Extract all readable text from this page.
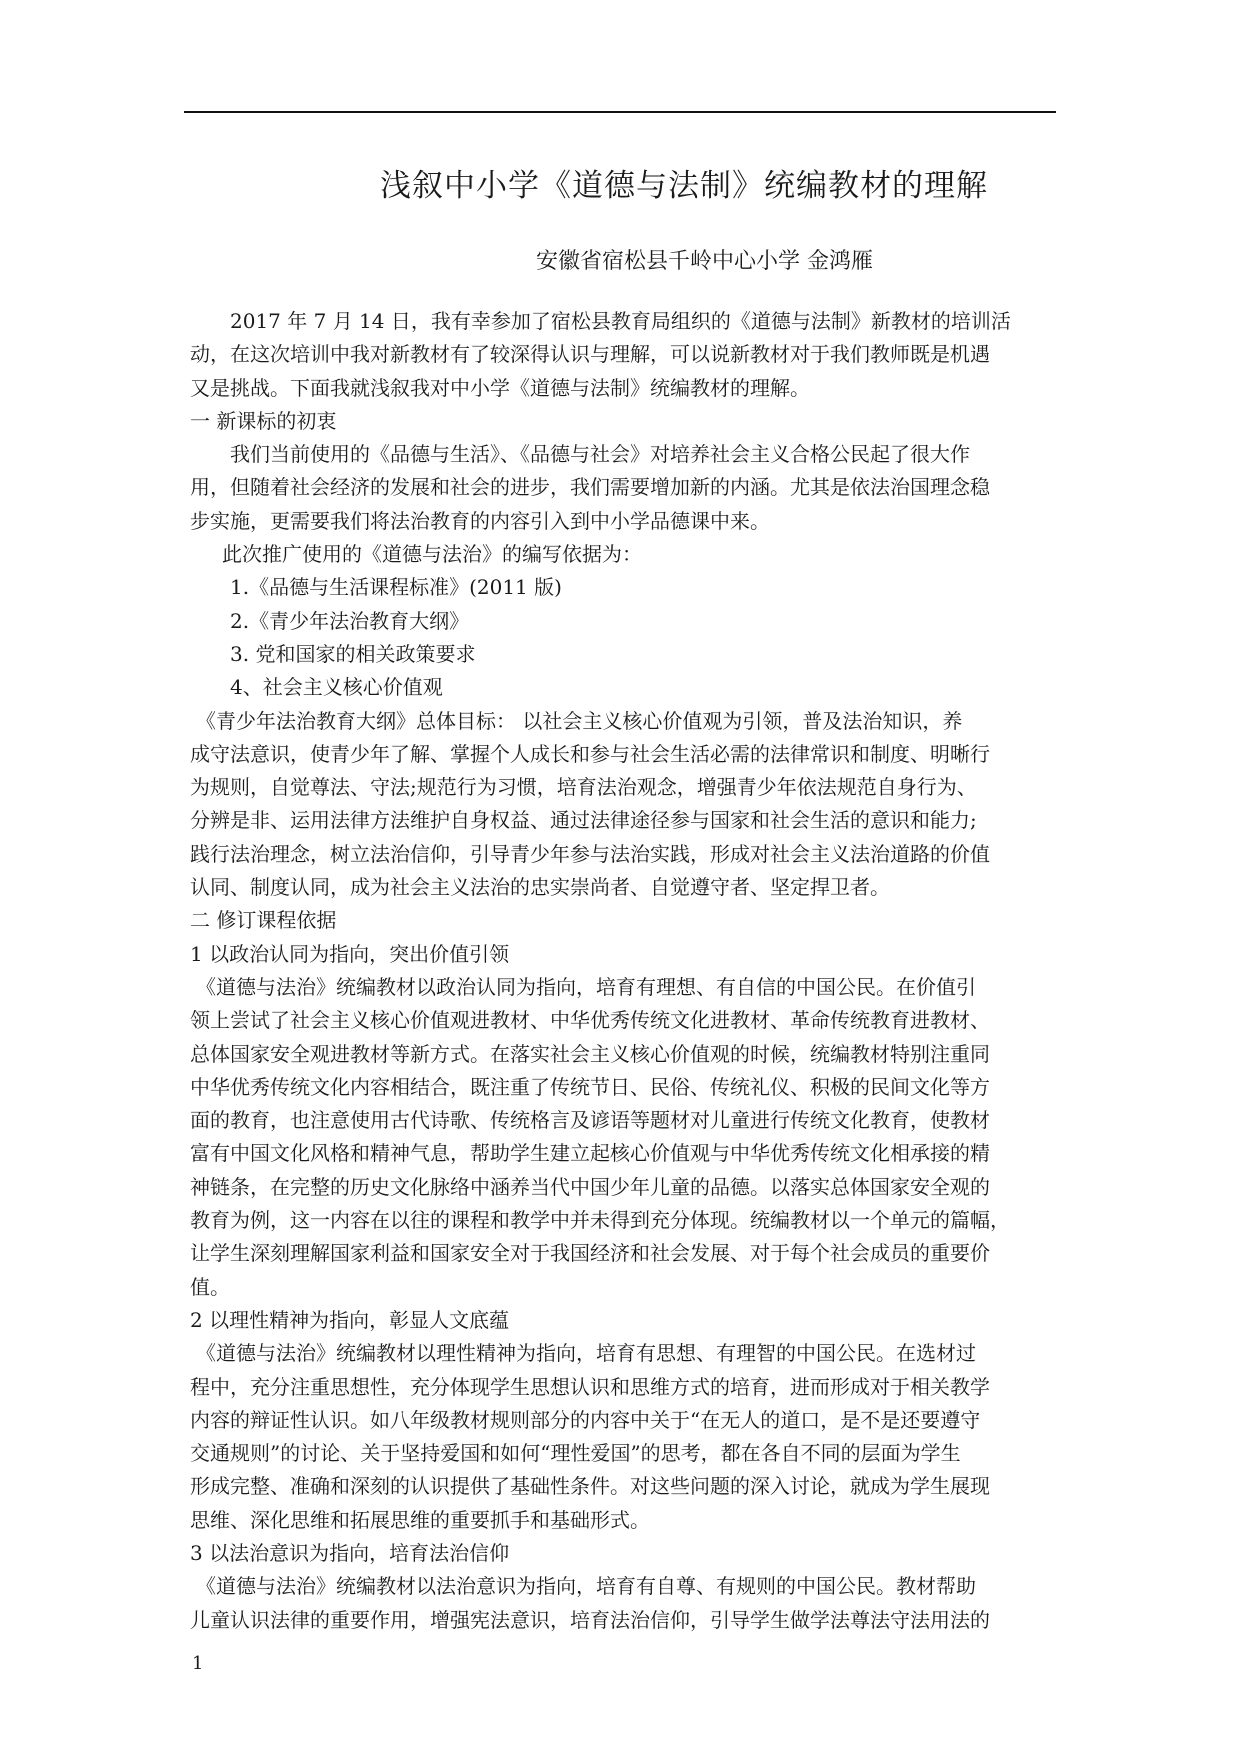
浅叙中小学《道德与法制》统编教材的理解
安徽省宿松县千岭中心小学 金鸿雁
2017 年 7 月 14 日，我有幸参加了宿松县教育局组织的《道德与法制》新教材的培训活
动，在这次培训中我对新教材有了较深得认识与理解，可以说新教材对于我们教师既是机遇
又是挑战。下面我就浅叙我对中小学《道德与法制》统编教材的理解。
一 新课标的初衷
我们当前使用的《品德与生活》、《品德与社会》对培养社会主义合格公民起了很大作
用，但随着社会经济的发展和社会的进步，我们需要增加新的内涵。尤其是依法治国理念稳
步实施，更需要我们将法治教育的内容引入到中小学品德课中来。
此次推广使用的《道德与法治》的编写依据为：
1.《品德与生活课程标准》(2011 版)
2.《青少年法治教育大纲》
3. 党和国家的相关政策要求
4、社会主义核心价值观
《青少年法治教育大纲》总体目标： 以社会主义核心价值观为引领，普及法治知识，养
成守法意识，使青少年了解、掌握个人成长和参与社会生活必需的法律常识和制度、明晰行
为规则，自觉尊法、守法;规范行为习惯，培育法治观念，增强青少年依法规范自身行为、
分辨是非、运用法律方法维护自身权益、通过法律途径参与国家和社会生活的意识和能力;
践行法治理念，树立法治信仰，引导青少年参与法治实践，形成对社会主义法治道路的价值
认同、制度认同，成为社会主义法治的忠实崇尚者、自觉遵守者、坚定捍卫者。
二 修订课程依据
1 以政治认同为指向，突出价值引领
《道德与法治》统编教材以政治认同为指向，培育有理想、有自信的中国公民。在价值引
领上尝试了社会主义核心价值观进教材、中华优秀传统文化进教材、革命传统教育进教材、
总体国家安全观进教材等新方式。在落实社会主义核心价值观的时候，统编教材特别注重同
中华优秀传统文化内容相结合，既注重了传统节日、民俗、传统礼仪、积极的民间文化等方
面的教育，也注意使用古代诗歌、传统格言及谚语等题材对儿童进行传统文化教育，使教材
富有中国文化风格和精神气息，帮助学生建立起核心价值观与中华优秀传统文化相承接的精
神链条，在完整的历史文化脉络中涵养当代中国少年儿童的品德。以落实总体国家安全观的
教育为例，这一内容在以往的课程和教学中并未得到充分体现。统编教材以一个单元的篇幅，
让学生深刻理解国家利益和国家安全对于我国经济和社会发展、对于每个社会成员的重要价
值。
2 以理性精神为指向，彰显人文底蕴
《道德与法治》统编教材以理性精神为指向，培育有思想、有理智的中国公民。在选材过
程中，充分注重思想性，充分体现学生思想认识和思维方式的培育，进而形成对于相关教学
内容的辩证性认识。如八年级教材规则部分的内容中关于“在无人的道口，是不是还要遵守
交通规则”的讨论、关于坚持爱国和如何“理性爱国”的思考，都在各自不同的层面为学生
形成完整、准确和深刻的认识提供了基础性条件。对这些问题的深入讨论，就成为学生展现
思维、深化思维和拓展思维的重要抓手和基础形式。
3 以法治意识为指向，培育法治信仰
《道德与法治》统编教材以法治意识为指向，培育有自尊、有规则的中国公民。教材帮助
儿童认识法律的重要作用，增强宪法意识，培育法治信仰，引导学生做学法尊法守法用法的
1
